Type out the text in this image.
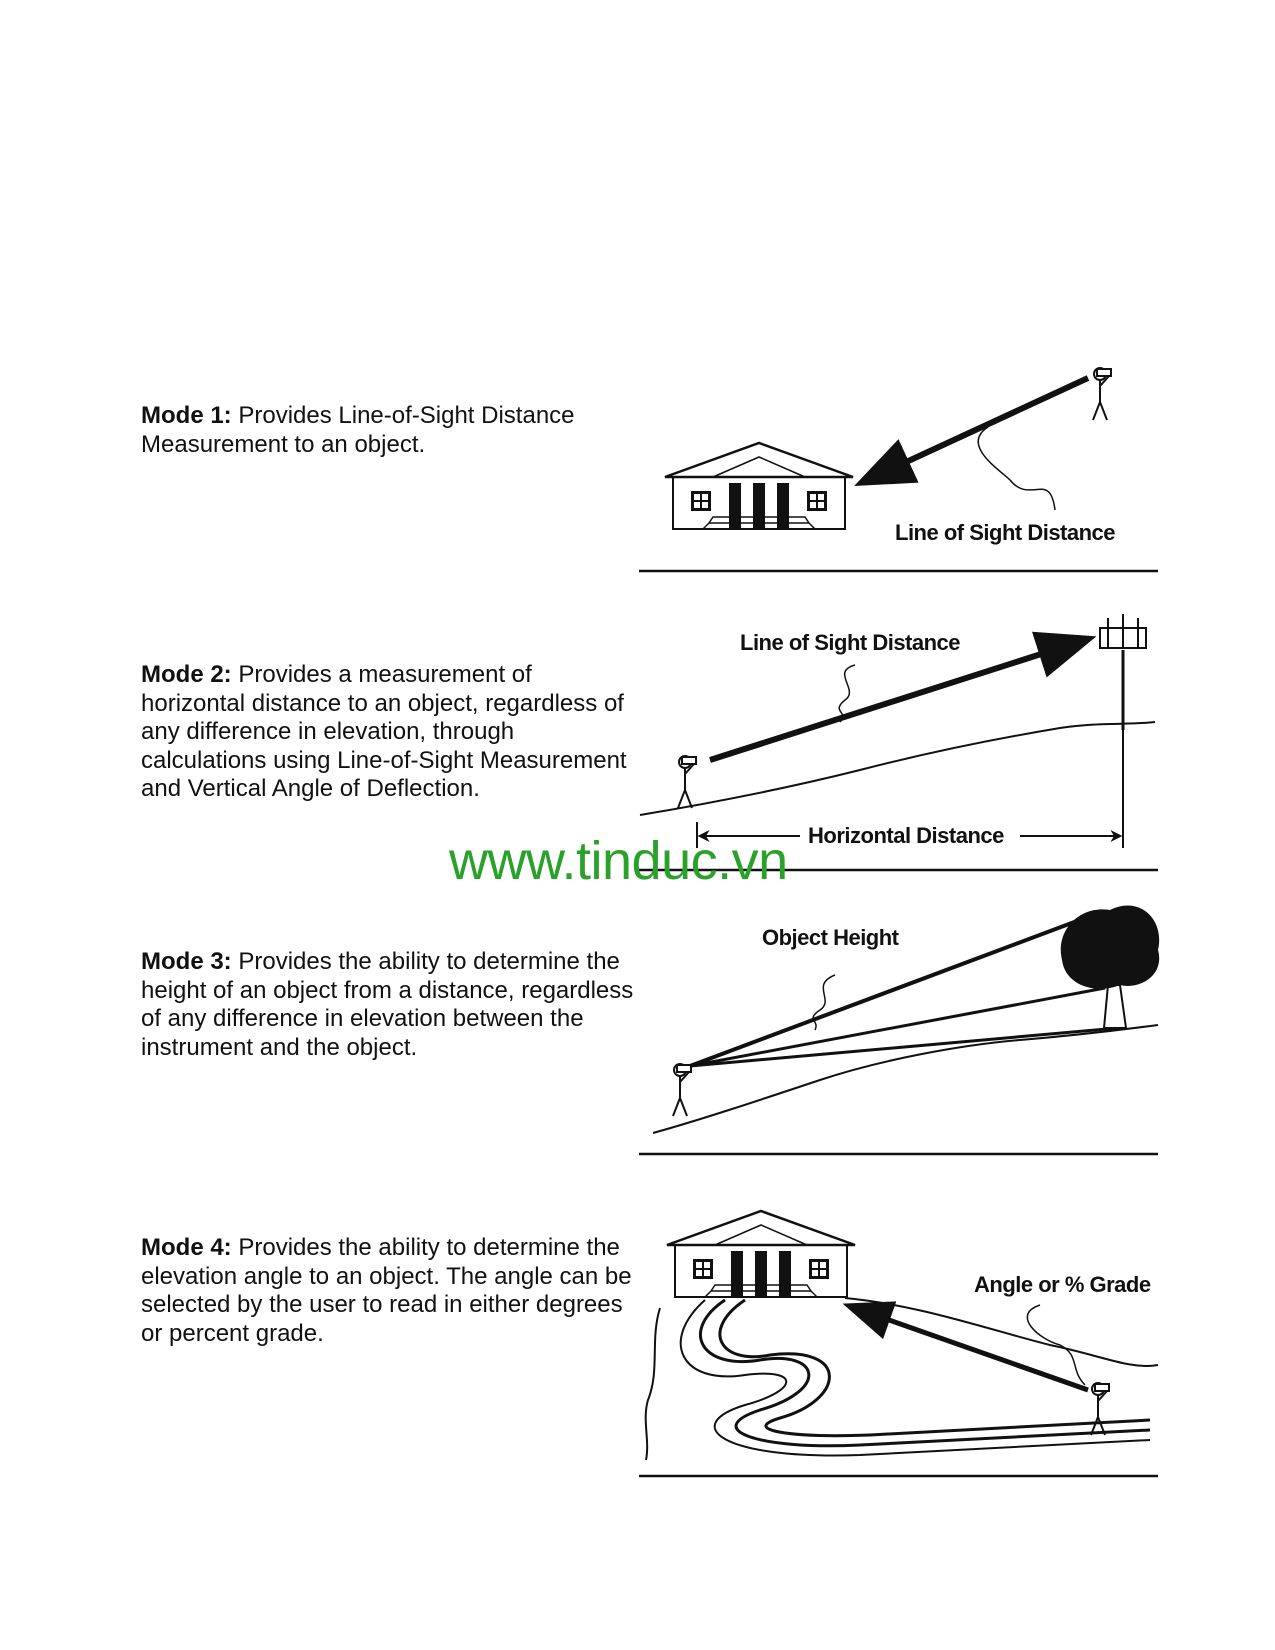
Mode 1: Provides Line-of-Sight Distance Measurement to an object.
Mode 2: Provides a measurement of horizontal distance to an object, regardless of any difference in elevation, through calculations using Line-of-Sight Measurement and Vertical Angle of Deflection.
Mode 3: Provides the ability to determine the height of an object from a distance, regardless of any difference in elevation between the instrument and the object.
Mode 4: Provides the ability to determine the elevation angle to an object. The angle can be selected by the user to read in either degrees or percent grade.
Line of Sight Distance
Line of Sight Distance
Horizontal Distance
Object Height
Angle or % Grade
www.tinduc.vn
